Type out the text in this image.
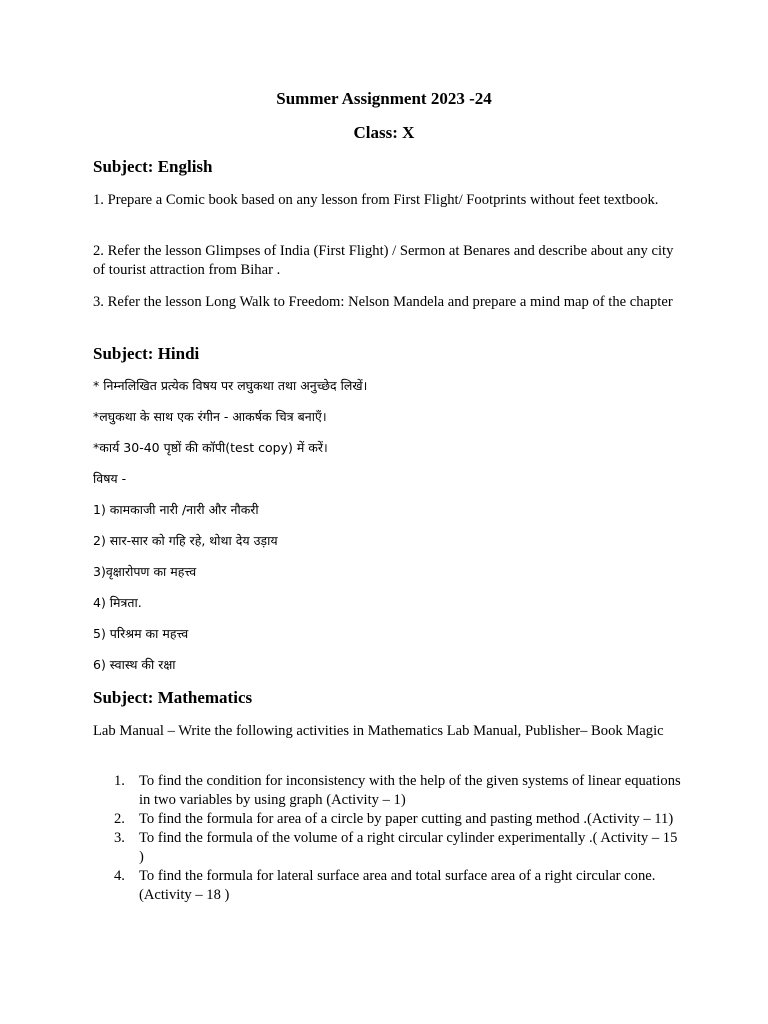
Summer Assignment 2023 -24
Class: X
Subject: English
1. Prepare a Comic book based on any lesson from First Flight/ Footprints without feet textbook.
2. Refer the lesson Glimpses of India (First Flight) / Sermon at Benares and describe about any city of tourist attraction from Bihar .
3. Refer the lesson Long Walk to Freedom: Nelson Mandela and prepare a mind map of the chapter
Subject: Hindi
* निम्नलिखित प्रत्येक विषय पर लघुकथा तथा अनुच्छेद लिखें।
*लघुकथा के साथ एक रंगीन - आकर्षक चित्र बनाएँ।
*कार्य 30-40 पृष्ठों की कॉपी(test copy) में करें।
विषय -
1) कामकाजी नारी /नारी और नौकरी
2) सार-सार को गहि रहे, थोथा देय उड़ाय
3)वृक्षारोपण का महत्त्व
4) मित्रता.
5) परिश्रम का महत्त्व
6) स्वास्थ की रक्षा
Subject: Mathematics
Lab Manual – Write the following activities in Mathematics Lab Manual, Publisher– Book Magic
1. To find the condition for inconsistency with the help of the given systems of linear equations in two variables by using graph (Activity – 1)
2. To find the formula for area of a circle by paper cutting and pasting method .(Activity – 11)
3. To find the formula of the volume of a right circular cylinder experimentally .( Activity – 15 )
4. To find the formula for lateral surface area and total surface area of a right circular cone. (Activity – 18 )
